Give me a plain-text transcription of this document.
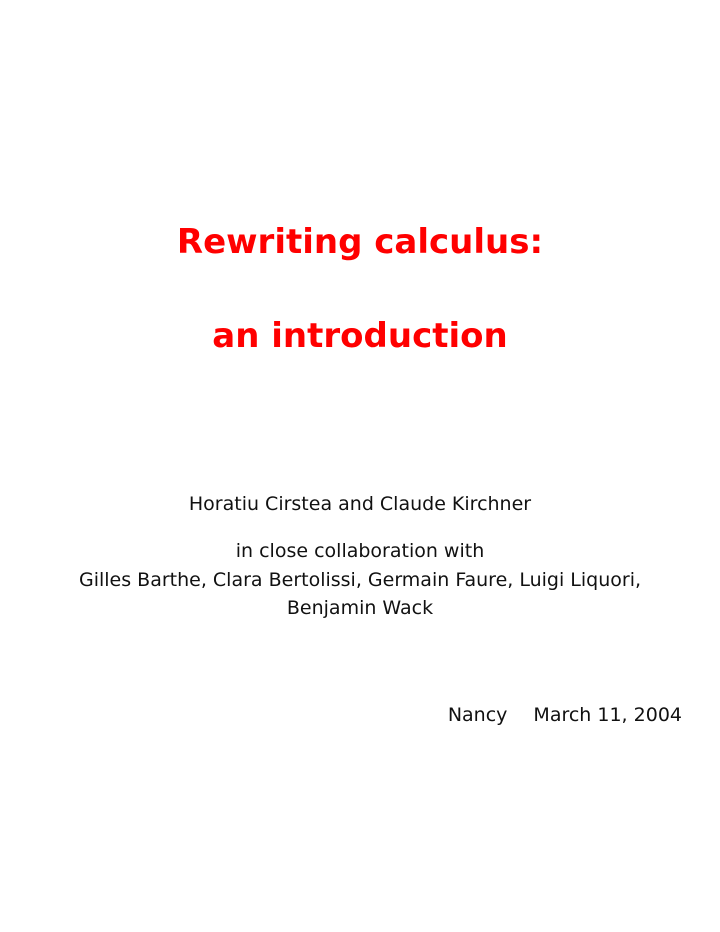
Rewriting calculus:
an introduction
Horatiu Cirstea and Claude Kirchner
in close collaboration with
Gilles Barthe, Clara Bertolissi, Germain Faure, Luigi Liquori,
Benjamin Wack
Nancy March 11, 2004
